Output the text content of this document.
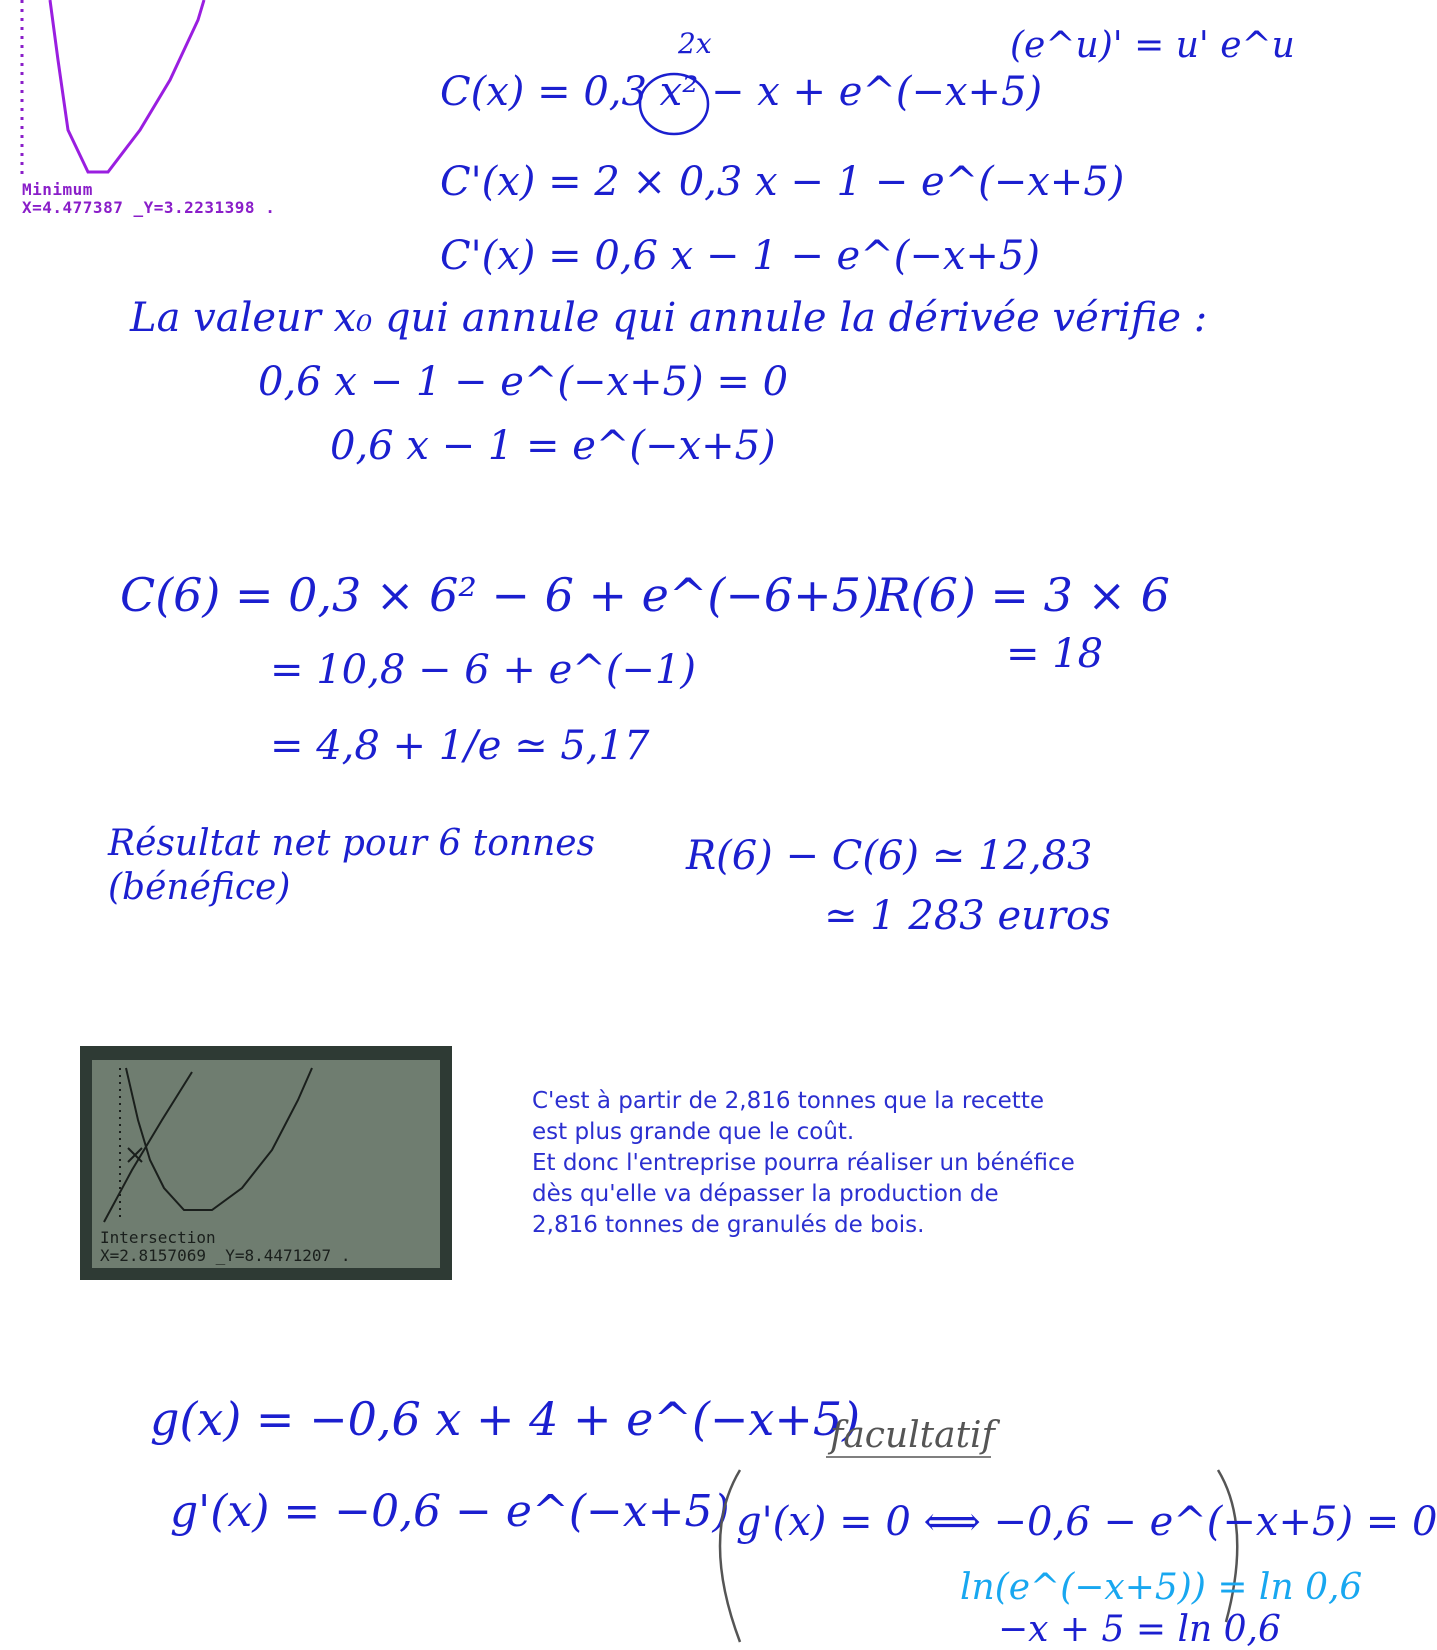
Minimum
X=4.477387 _Y=3.2231398 .
(e^u)' = u' e^u
C(x) = 0,3 x² − x + e^(−x+5)
2x
C'(x) = 2 × 0,3 x − 1 − e^(−x+5)
C'(x) = 0,6 x − 1 − e^(−x+5)
La valeur x₀ qui annule qui annule la dérivée vérifie :
0,6 x − 1 − e^(−x+5) = 0
0,6 x − 1 = e^(−x+5)
C(6) = 0,3 × 6² − 6 + e^(−6+5)
= 10,8 − 6 + e^(−1)
= 4,8 + 1/e ≃ 5,17
R(6) = 3 × 6
= 18
Résultat net pour 6 tonnes
(bénéfice)
R(6) − C(6) ≃ 12,83
≃ 1 283 euros
Intersection
X=2.8157069 _Y=8.4471207 .
C'est à partir de 2,816 tonnes que la recette
est plus grande que le coût.
Et donc l'entreprise pourra réaliser un bénéfice
dès qu'elle va dépasser la production de
2,816 tonnes de granulés de bois.
g(x) = −0,6 x + 4 + e^(−x+5)
g'(x) = −0,6 − e^(−x+5)
facultatif
g'(x) = 0 ⟺ −0,6 − e^(−x+5) = 0
ln(e^(−x+5)) = ln 0,6
−x + 5 = ln 0,6
